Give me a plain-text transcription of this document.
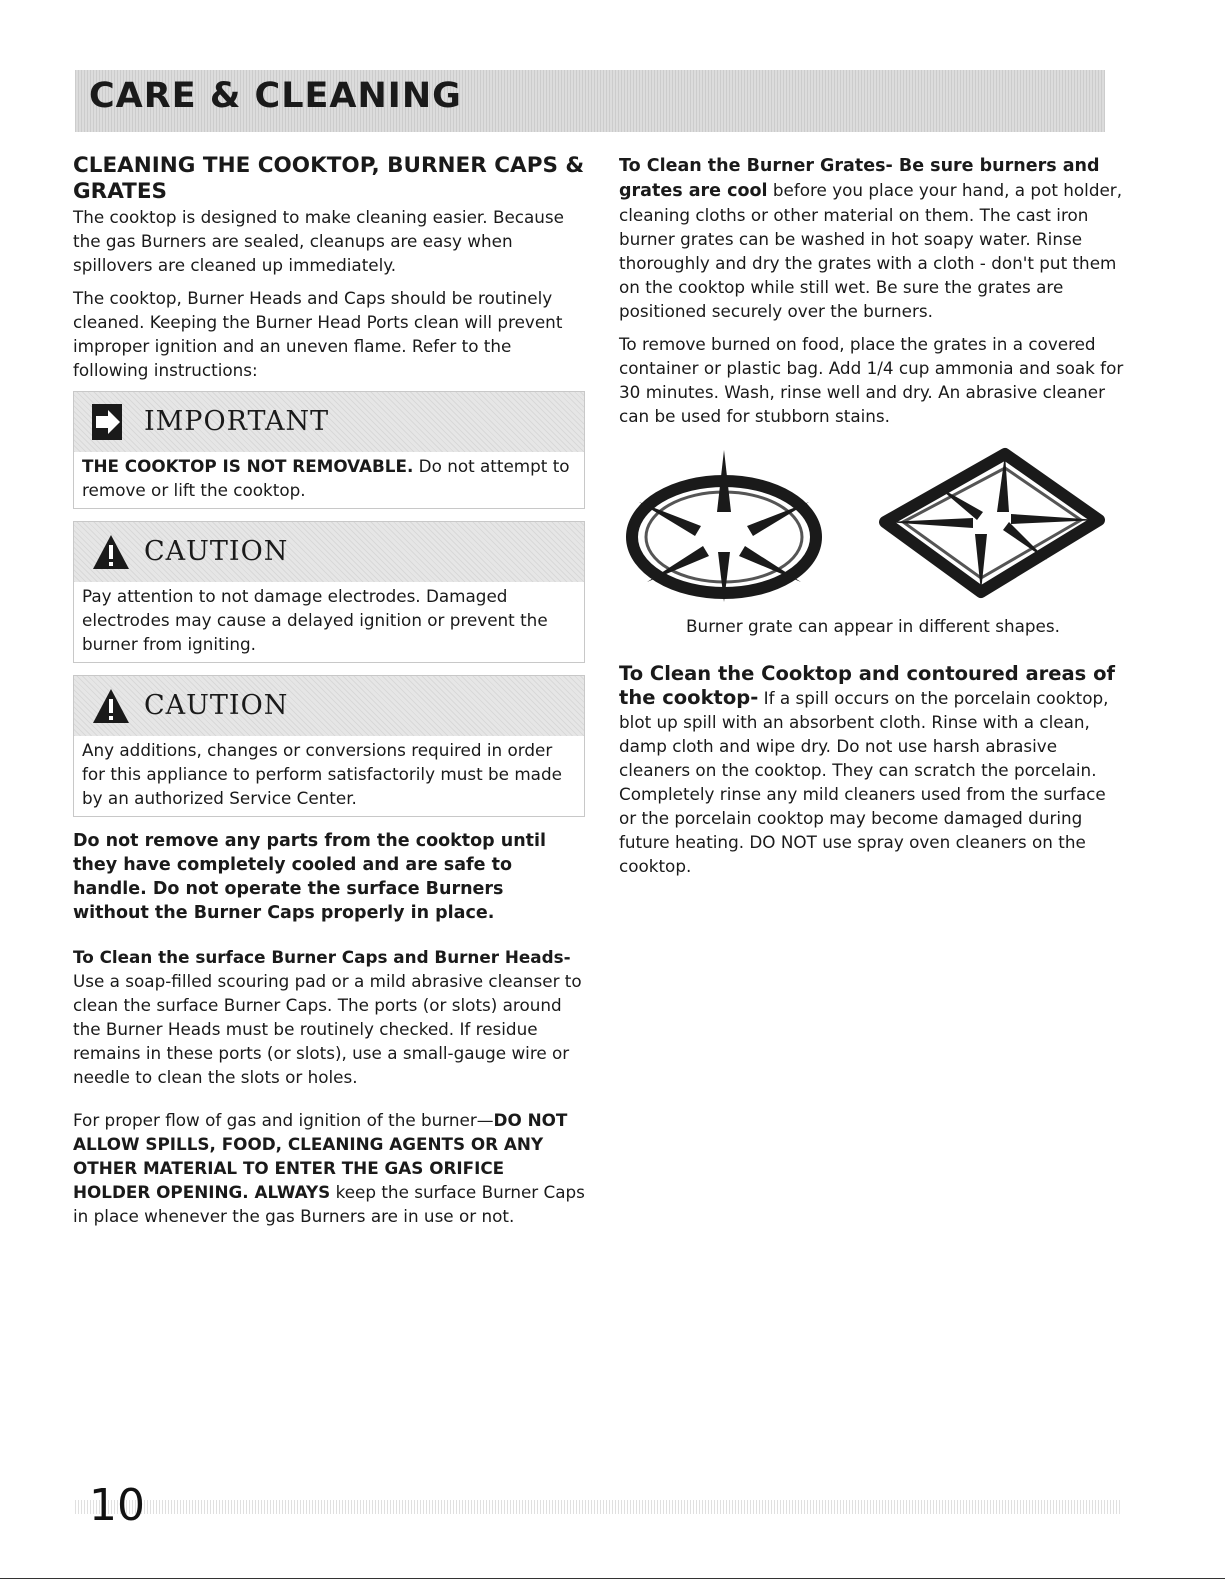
CARE & CLEANING
CLEANING THE COOKTOP, BURNER CAPS & GRATES

The cooktop is designed to make cleaning easier. Because the gas Burners are sealed, cleanups are easy when spillovers are cleaned up immediately.

The cooktop, Burner Heads and Caps should be routinely cleaned. Keeping the Burner Head Ports clean will prevent improper ignition and an uneven flame. Refer to the following instructions:

IMPORTANT
THE COOKTOP IS NOT REMOVABLE. Do not attempt to remove or lift the cooktop.
CAUTION
Pay attention to not damage electrodes. Damaged electrodes may cause a delayed ignition or prevent the burner from igniting.
CAUTION
Any additions, changes or conversions required in order for this appliance to perform satisfactorily must be made by an authorized Service Center.
Do not remove any parts from the cooktop until they have completely cooled and are safe to handle. Do not operate the surface Burners without the Burner Caps properly in place.

To Clean the surface Burner Caps and Burner Heads- Use a soap-filled scouring pad or a mild abrasive cleanser to clean the surface Burner Caps. The ports (or slots) around the Burner Heads must be routinely checked. If residue remains in these ports (or slots), use a small-gauge wire or needle to clean the slots or holes.

For proper flow of gas and ignition of the burner—DO NOT ALLOW SPILLS, FOOD, CLEANING AGENTS OR ANY OTHER MATERIAL TO ENTER THE GAS ORIFICE HOLDER OPENING. ALWAYS keep the surface Burner Caps in place whenever the gas Burners are in use or not.

To Clean the Burner Grates- Be sure burners and grates are cool before you place your hand, a pot holder, cleaning cloths or other material on them. The cast iron burner grates can be washed in hot soapy water. Rinse thoroughly and dry the grates with a cloth - don't put them on the cooktop while still wet. Be sure the grates are positioned securely over the burners.

To remove burned on food, place the grates in a covered container or plastic bag. Add 1/4 cup ammonia and soak for 30 minutes. Wash, rinse well and dry. An abrasive cleaner can be used for stubborn stains.

Burner grate can appear in different shapes.

To Clean the Cooktop and contoured areas of the cooktop- If a spill occurs on the porcelain cooktop, blot up spill with an absorbent cloth. Rinse with a clean, damp cloth and wipe dry. Do not use harsh abrasive cleaners on the cooktop. They can scratch the porcelain. Completely rinse any mild cleaners used from the surface or the porcelain cooktop may become damaged during future heating. DO NOT use spray oven cleaners on the cooktop.

10
